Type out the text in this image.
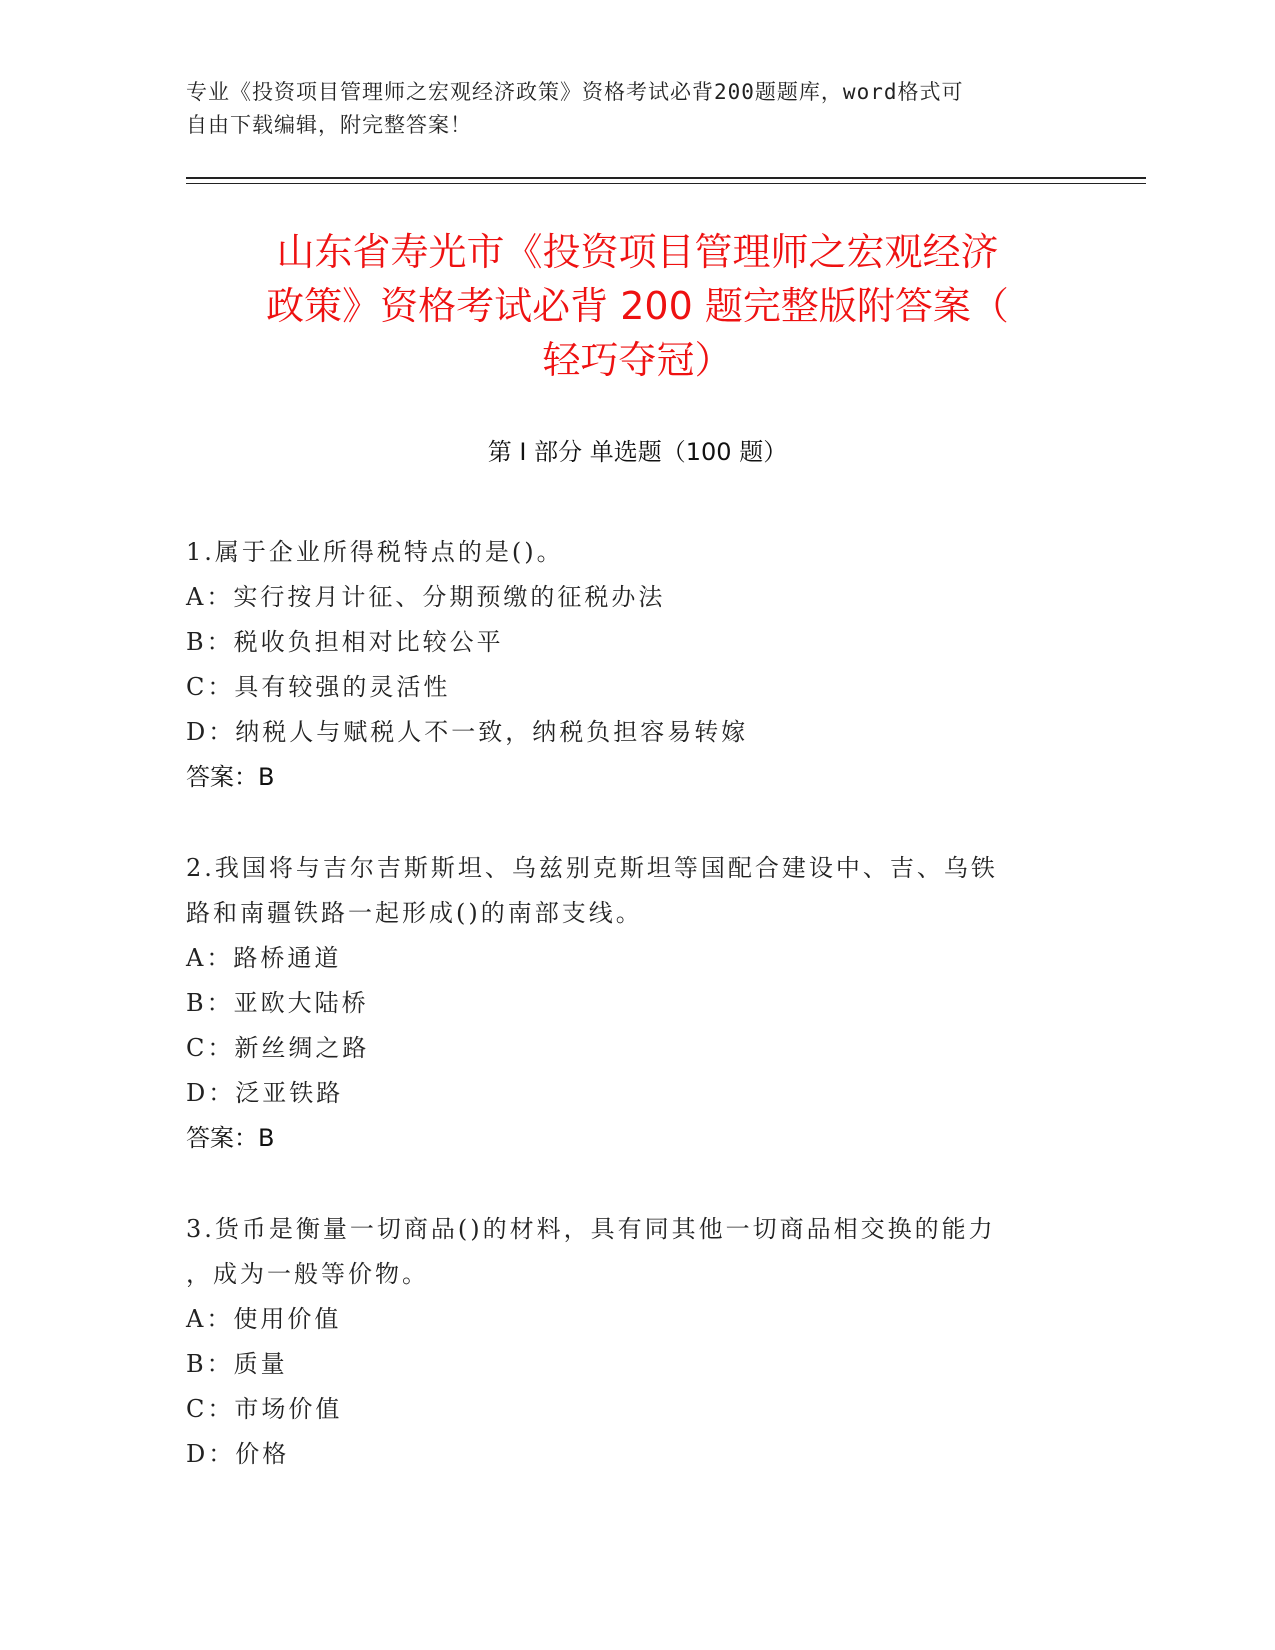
专业《投资项目管理师之宏观经济政策》资格考试必背200题题库，word格式可
自由下载编辑，附完整答案！
山东省寿光市《投资项目管理师之宏观经济
政策》资格考试必背 200 题完整版附答案（
轻巧夺冠）
第 I 部分 单选题（100 题）
1.属于企业所得税特点的是()。
A：实行按月计征、分期预缴的征税办法
B：税收负担相对比较公平
C：具有较强的灵活性
D：纳税人与赋税人不一致，纳税负担容易转嫁
答案：B
2.我国将与吉尔吉斯斯坦、乌兹别克斯坦等国配合建设中、吉、乌铁
路和南疆铁路一起形成()的南部支线。
A：路桥通道
B：亚欧大陆桥
C：新丝绸之路
D：泛亚铁路
答案：B
3.货币是衡量一切商品()的材料，具有同其他一切商品相交换的能力
，成为一般等价物。
A：使用价值
B：质量
C：市场价值
D：价格
